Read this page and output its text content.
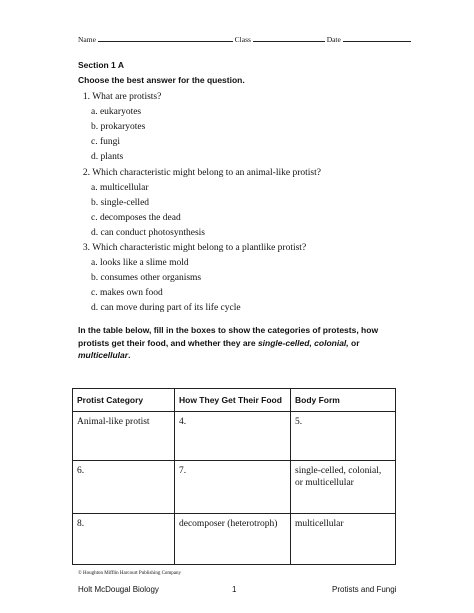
Name	Class	Date
Section 1 A
Choose the best answer for the question.
1. What are protists?
a. eukaryotes
b. prokaryotes
c. fungi
d. plants
2. Which characteristic might belong to an animal-like protist?
a. multicellular
b. single-celled
c. decomposes the dead
d. can conduct photosynthesis
3. Which characteristic might belong to a plantlike protist?
a. looks like a slime mold
b. consumes other organisms
c. makes own food
d. can move during part of its life cycle
In the table below, fill in the boxes to show the categories of protests, how protists get their food, and whether they are single-celled, colonial, or multicellular.
Protist Category	How They Get Their Food	Body Form
Animal-like protist	4.	5.
6.	7.	single-celled, colonial, or multicellular
8.	decomposer (heterotroph)	multicellular
© Houghton Mifflin Harcourt Publishing Company
Holt McDougal Biology	1	Protists and Fungi
